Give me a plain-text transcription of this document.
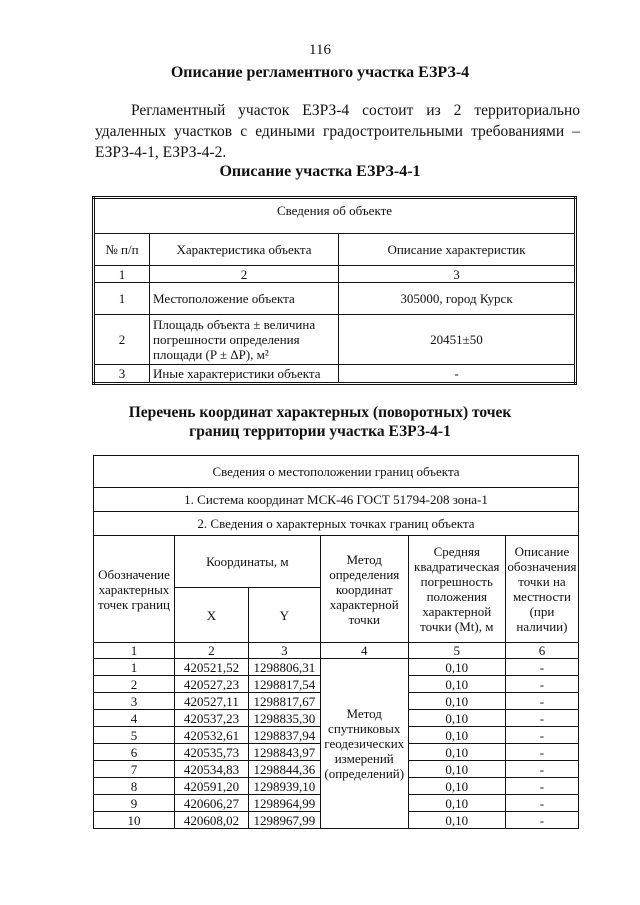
116
Описание регламентного участка ЕЗРЗ-4
Регламентный участок ЕЗРЗ-4 состоит из 2 территориально
удаленных участков с едиными градостроительными требованиями –
ЕЗРЗ-4-1, ЕЗРЗ-4-2.
Описание участка ЕЗРЗ-4-1
Сведения об объекте		
№ п/п	Характеристика объекта	Описание характеристик
1	2	3
1	Местоположение объекта	305000, город Курск
2	Площадь объекта ± величина
погрешности определения
площади (P ± ΔP), м²	20451±50
3	Иные характеристики объекта	-
Перечень координат характерных (поворотных) точек
границ территории участка ЕЗРЗ-4-1
Сведения о местоположении границ объекта					
1. Система координат МСК-46 ГОСТ 51794-208 зона-1					
2. Сведения о характерных точках границ объекта					
Обозначение характерных точек границ	Координаты, м		Метод определения координат характерной точки	Средняя квадратическая погрешность положения характерной точки (Mt), м	Описание обозначения точки на местности (при наличии)
	X	Y			
1	2	3	4	5	6
1	420521,52	1298806,31	Метод спутниковых геодезических измерений (определений)	0,10	-
2	420527,23	1298817,54		0,10	-
3	420527,11	1298817,67		0,10	-
4	420537,23	1298835,30		0,10	-
5	420532,61	1298837,94		0,10	-
6	420535,73	1298843,97		0,10	-
7	420534,83	1298844,36		0,10	-
8	420591,20	1298939,10		0,10	-
9	420606,27	1298964,99		0,10	-
10	420608,02	1298967,99		0,10	-
